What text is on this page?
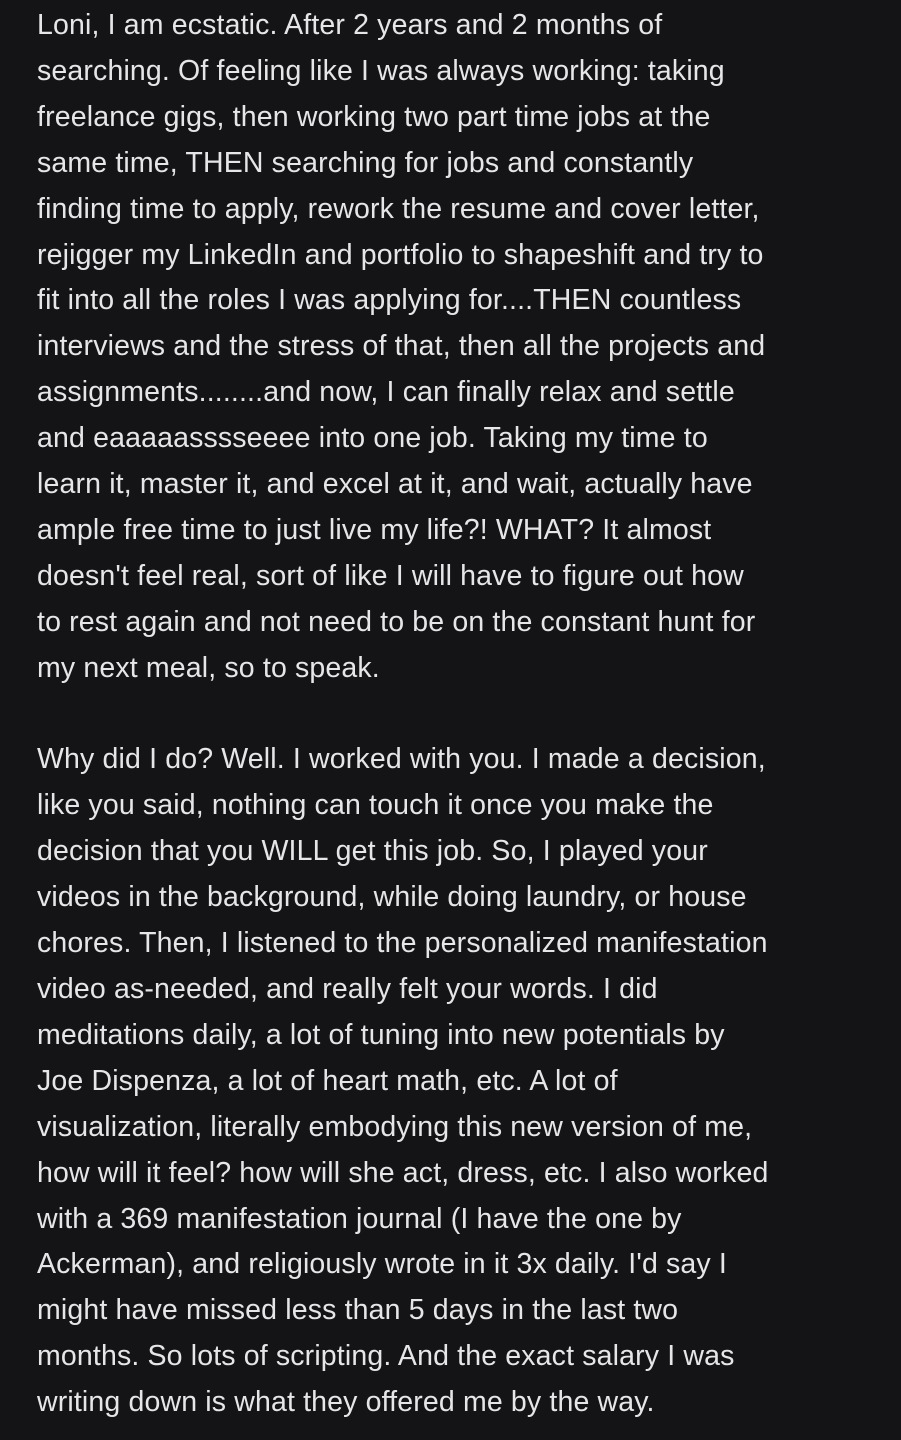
Loni, I am ecstatic. After 2 years and 2 months of
searching. Of feeling like I was always working: taking
freelance gigs, then working two part time jobs at the
same time, THEN searching for jobs and constantly
finding time to apply, rework the resume and cover letter,
rejigger my LinkedIn and portfolio to shapeshift and try to
fit into all the roles I was applying for....THEN countless
interviews and the stress of that, then all the projects and
assignments........and now, I can finally relax and settle
and eaaaaasssseeee into one job. Taking my time to
learn it, master it, and excel at it, and wait, actually have
ample free time to just live my life?! WHAT? It almost
doesn't feel real, sort of like I will have to figure out how
to rest again and not need to be on the constant hunt for
my next meal, so to speak.

Why did I do? Well. I worked with you. I made a decision,
like you said, nothing can touch it once you make the
decision that you WILL get this job. So, I played your
videos in the background, while doing laundry, or house
chores. Then, I listened to the personalized manifestation
video as-needed, and really felt your words. I did
meditations daily, a lot of tuning into new potentials by
Joe Dispenza, a lot of heart math, etc. A lot of
visualization, literally embodying this new version of me,
how will it feel? how will she act, dress, etc. I also worked
with a 369 manifestation journal (I have the one by
Ackerman), and religiously wrote in it 3x daily. I'd say I
might have missed less than 5 days in the last two
months. So lots of scripting. And the exact salary I was
writing down is what they offered me by the way.
